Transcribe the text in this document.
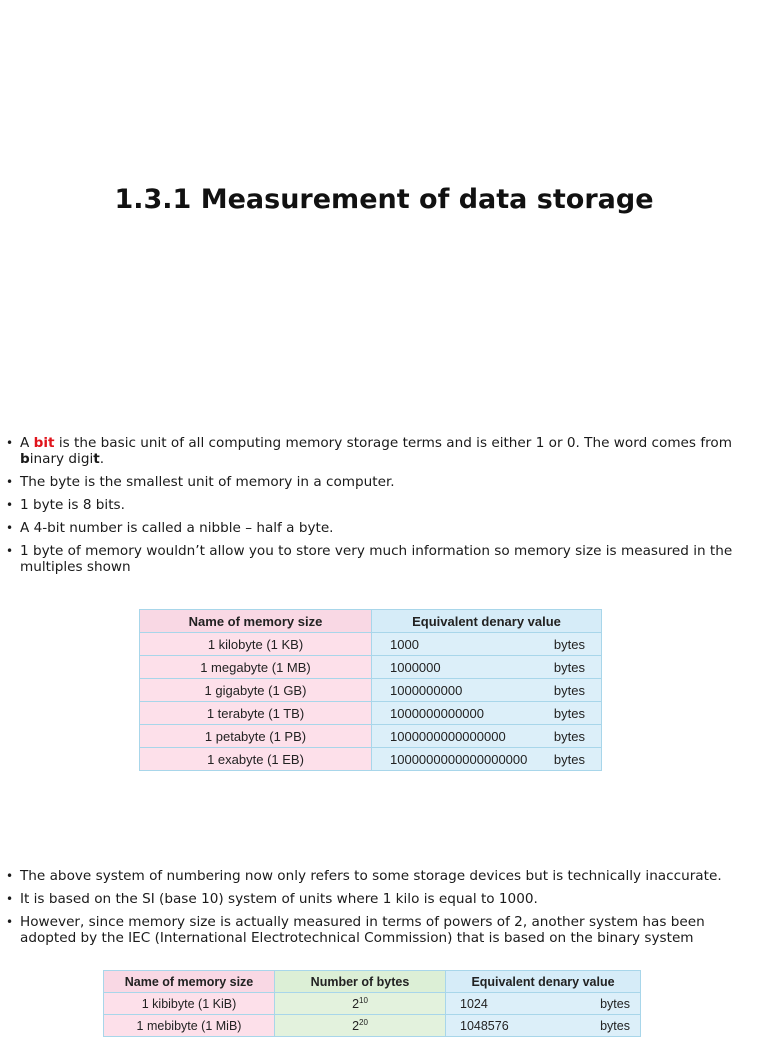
1.3.1 Measurement of data storage
• A bit is the basic unit of all computing memory storage terms and is either 1 or 0. The word comes from binary digit.
• The byte is the smallest unit of memory in a computer.
• 1 byte is 8 bits.
• A 4-bit number is called a nibble – half a byte.
• 1 byte of memory wouldn’t allow you to store very much information so memory size is measured in the multiples shown
Name of memory size	Equivalent denary value
1 kilobyte (1 KB)	1000 bytes

1 megabyte (1 MB)	1000000 bytes

1 gigabyte (1 GB)	1000000000 bytes

1 terabyte (1 TB)	1000000000000 bytes

1 petabyte (1 PB)	1000000000000000 bytes

1 exabyte (1 EB)	1000000000000000000 bytes
• The above system of numbering now only refers to some storage devices but is technically inaccurate.
• It is based on the SI (base 10) system of units where 1 kilo is equal to 1000.
• However, since memory size is actually measured in terms of powers of 2, another system has been adopted by the IEC (International Electrotechnical Commission) that is based on the binary system
Name of memory size	Number of bytes	Equivalent denary value
1 kibibyte (1 KiB)	$2^{10}$	1024 bytes

1 mebibyte (1 MiB)	$2^{20}$	1048576 bytes
